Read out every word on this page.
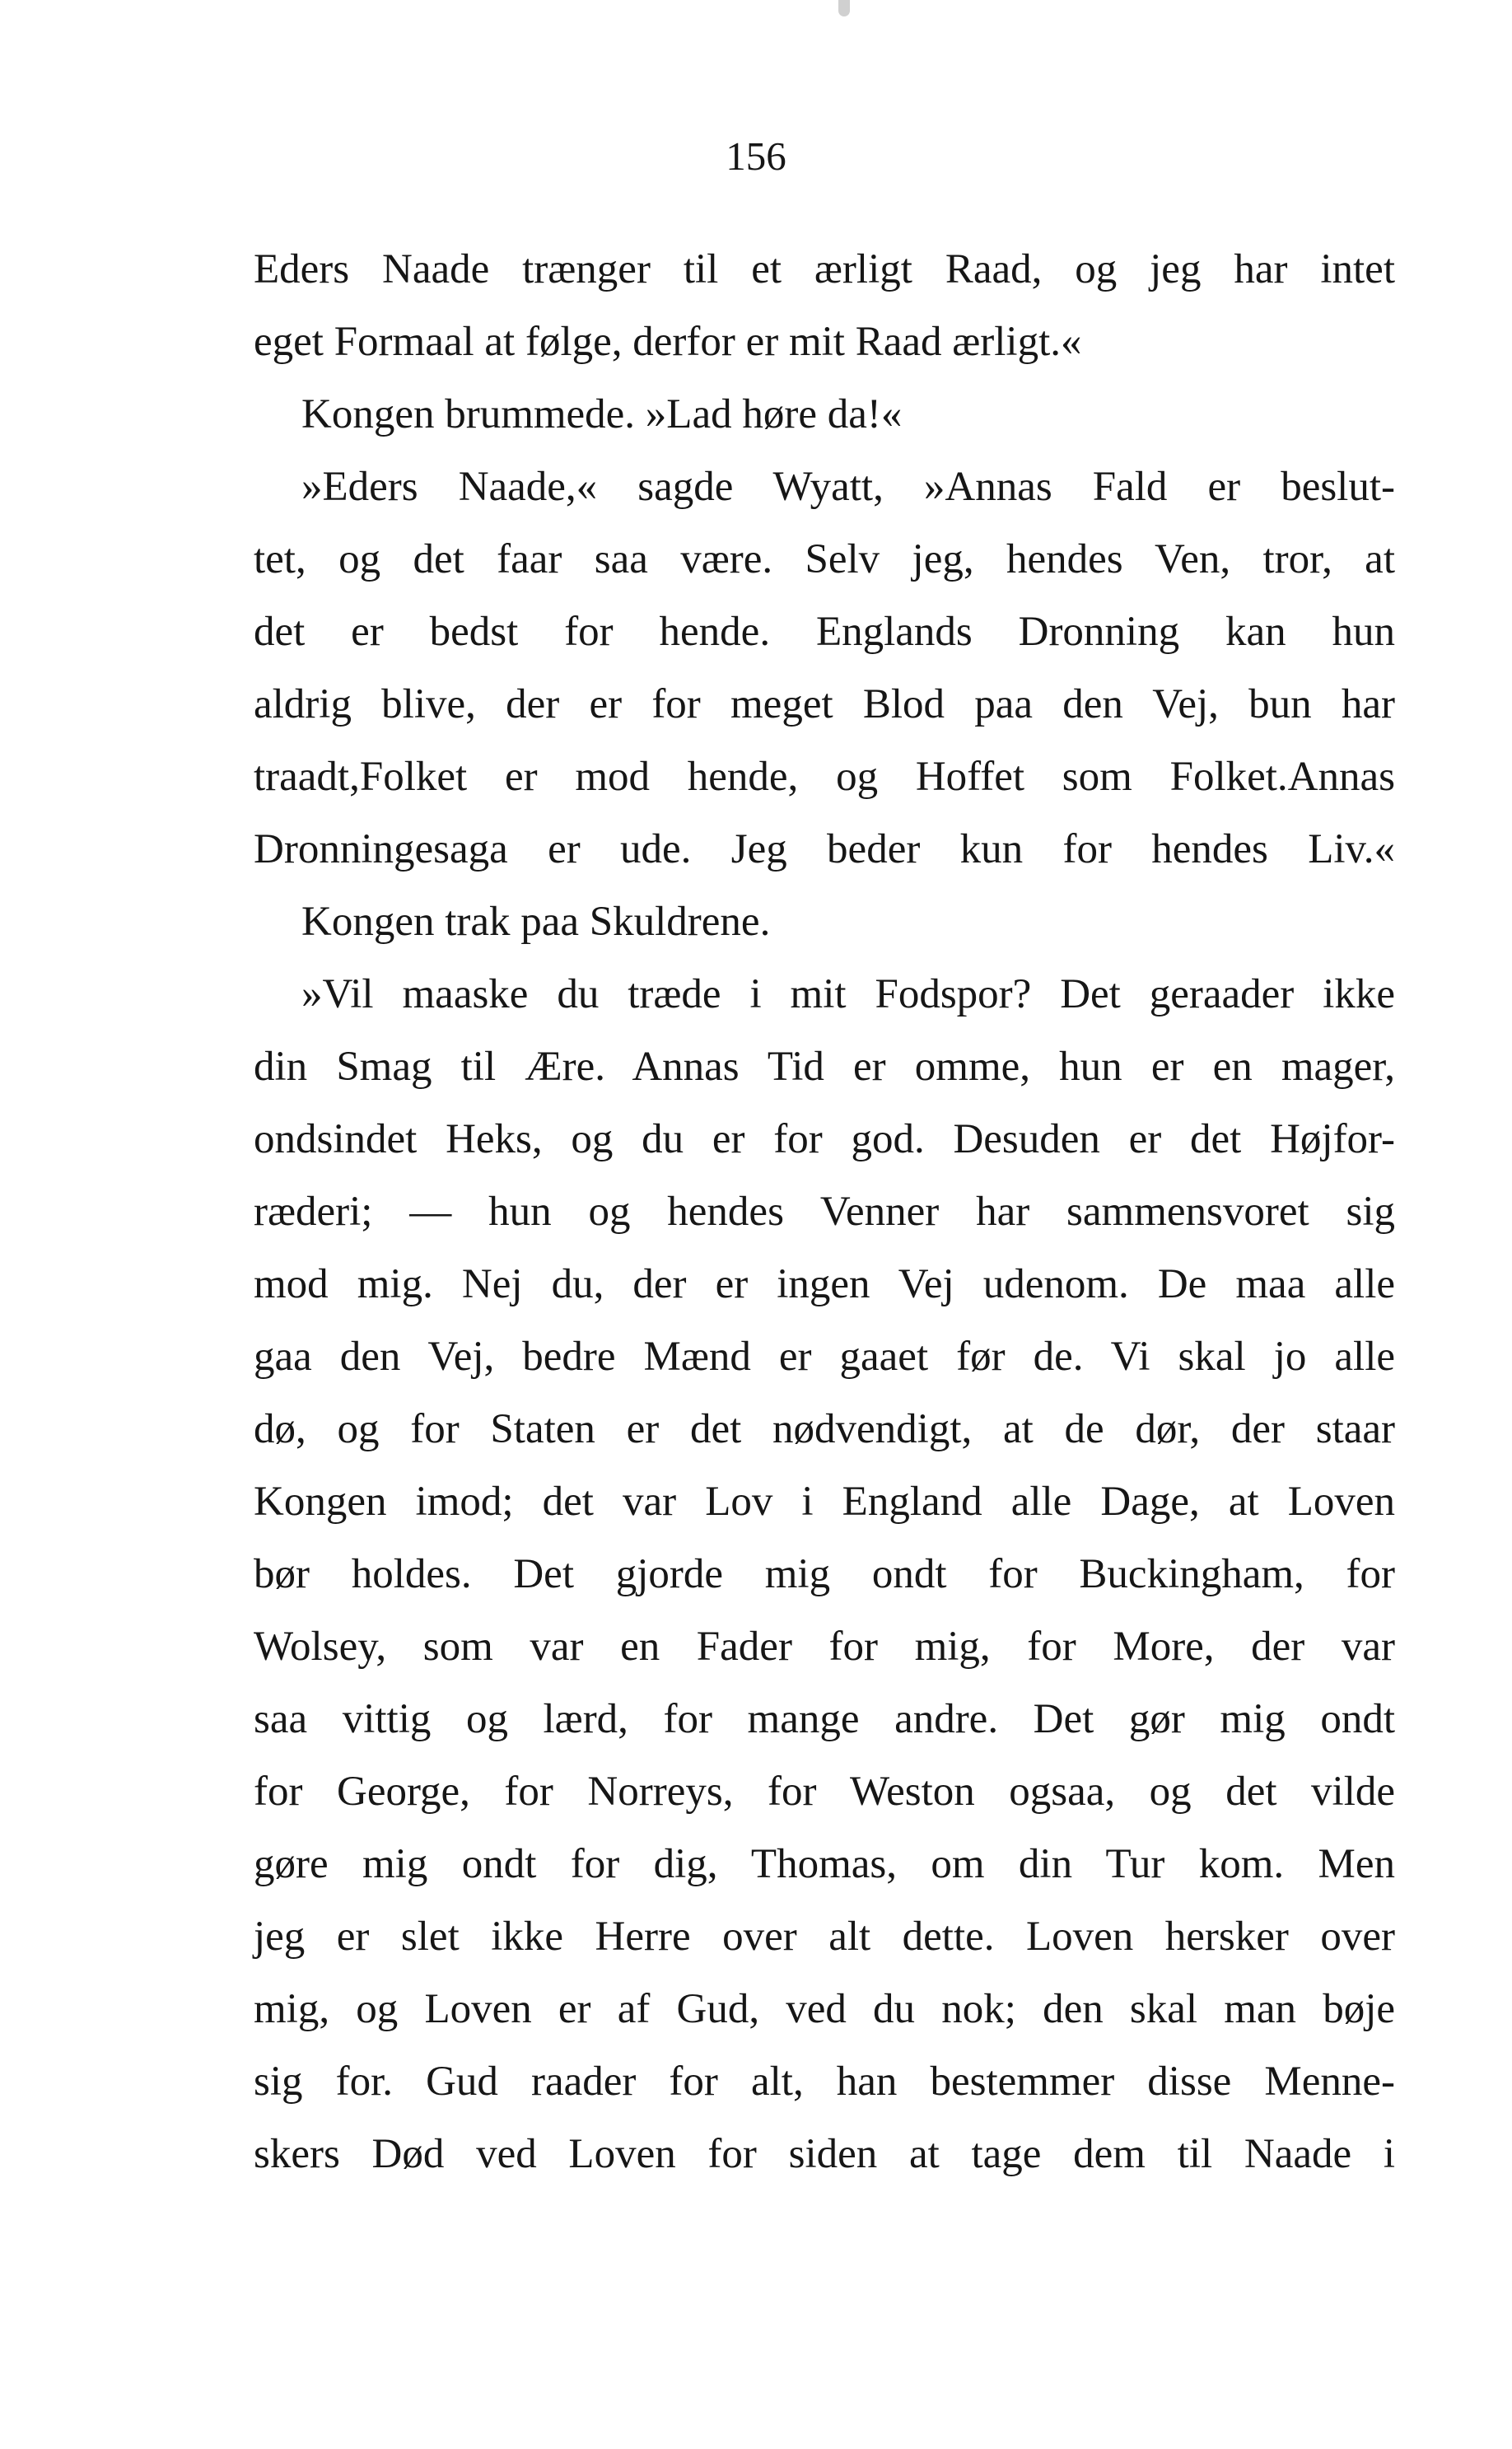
156
Eders Naade trænger til et ærligt Raad, og jeg har intet
eget Formaal at følge, derfor er mit Raad ærligt.«
Kongen brummede. »Lad høre da!«
»Eders Naade,« sagde Wyatt, »Annas Fald er beslut-
tet, og det faar saa være. Selv jeg, hendes Ven, tror, at
det er bedst for hende. Englands Dronning kan hun
aldrig blive, der er for meget Blod paa den Vej, bun har
traadt,Folket er mod hende, og Hoffet som Folket.Annas
Dronningesaga er ude. Jeg beder kun for hendes Liv.«
Kongen trak paa Skuldrene.
»Vil maaske du træde i mit Fodspor? Det geraader ikke
din Smag til Ære. Annas Tid er omme, hun er en mager,
ondsindet Heks, og du er for god. Desuden er det Højfor-
ræderi; — hun og hendes Venner har sammensvoret sig
mod mig. Nej du, der er ingen Vej udenom. De maa alle
gaa den Vej, bedre Mænd er gaaet før de. Vi skal jo alle
dø, og for Staten er det nødvendigt, at de dør, der staar
Kongen imod; det var Lov i England alle Dage, at Loven
bør holdes. Det gjorde mig ondt for Buckingham, for
Wolsey, som var en Fader for mig, for More, der var
saa vittig og lærd, for mange andre. Det gør mig ondt
for George, for Norreys, for Weston ogsaa, og det vilde
gøre mig ondt for dig, Thomas, om din Tur kom. Men
jeg er slet ikke Herre over alt dette. Loven hersker over
mig, og Loven er af Gud, ved du nok; den skal man bøje
sig for. Gud raader for alt, han bestemmer disse Menne-
skers Død ved Loven for siden at tage dem til Naade i
